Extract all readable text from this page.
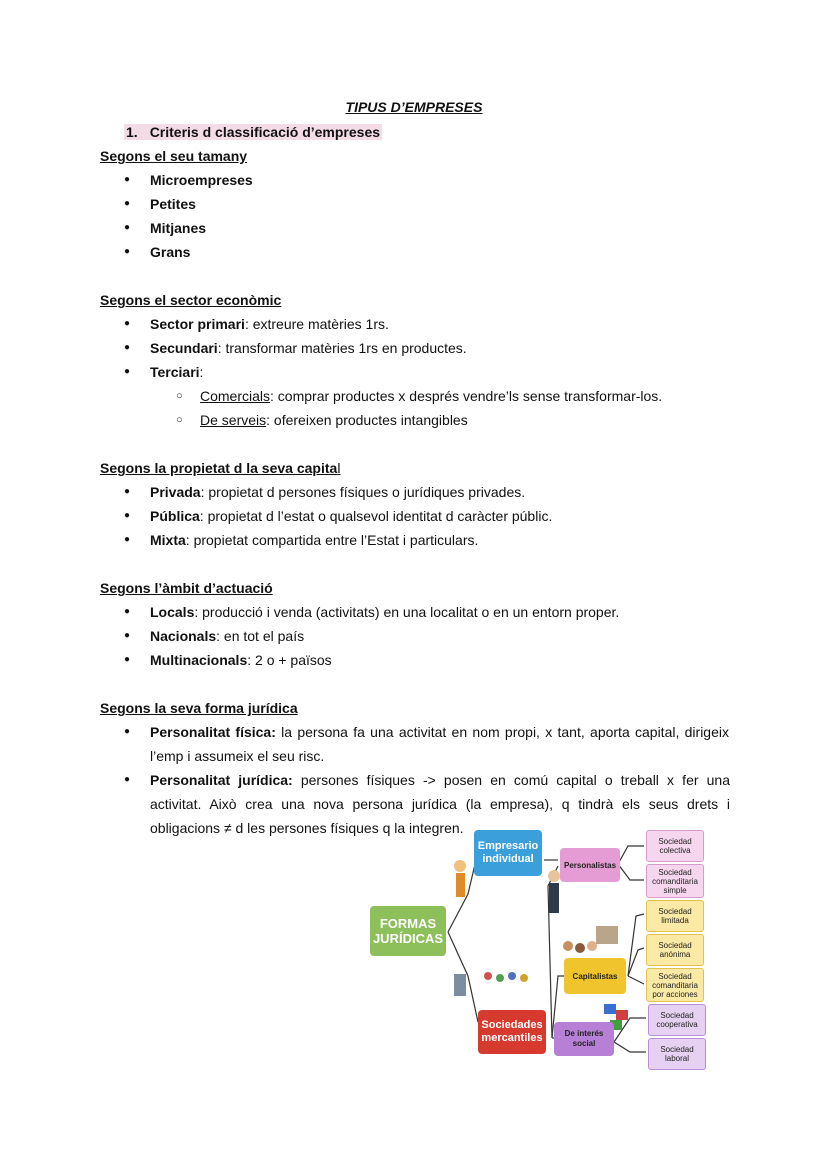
TIPUS D’EMPRESES
1. Criteris d classificació d’empreses
Segons el seu tamany
● Microempreses
● Petites
● Mitjanes
● Grans
Segons el sector econòmic
● Sector primari: extreure matèries 1rs.
● Secundari: transformar matèries 1rs en productes.
● Terciari:
○ Comercials: comprar productes x després vendre’ls sense transformar-los.
○ De serveis: ofereixen productes intangibles
Segons la propietat d la seva capital
● Privada: propietat d persones físiques o jurídiques privades.
● Pública: propietat d l’estat o qualsevol identitat d caràcter públic.
● Mixta: propietat compartida entre l’Estat i particulars.
Segons l’àmbit d’actuació
● Locals: producció i venda (activitats) en una localitat o en un entorn proper.
● Nacionals: en tot el país
● Multinacionals: 2 o + països
Segons la seva forma jurídica
● Personalitat física: la persona fa una activitat en nom propi, x tant, aporta capital, dirigeix l’emp i assumeix el seu risc.
● Personalitat jurídica: persones físiques -> posen en comú capital o treball x fer una activitat. Això crea una nova persona jurídica (la empresa), q tindrà els seus drets i obligacions ≠ d les persones físiques q la integren.
FORMAS JURÍDICAS
Empresario individual
Sociedades mercantiles
Personalistas
Capitalistas
De interés social
Sociedad colectiva
Sociedad comanditaria simple
Sociedad limitada
Sociedad anónima
Sociedad comanditaria por acciones
Sociedad cooperativa
Sociedad laboral
